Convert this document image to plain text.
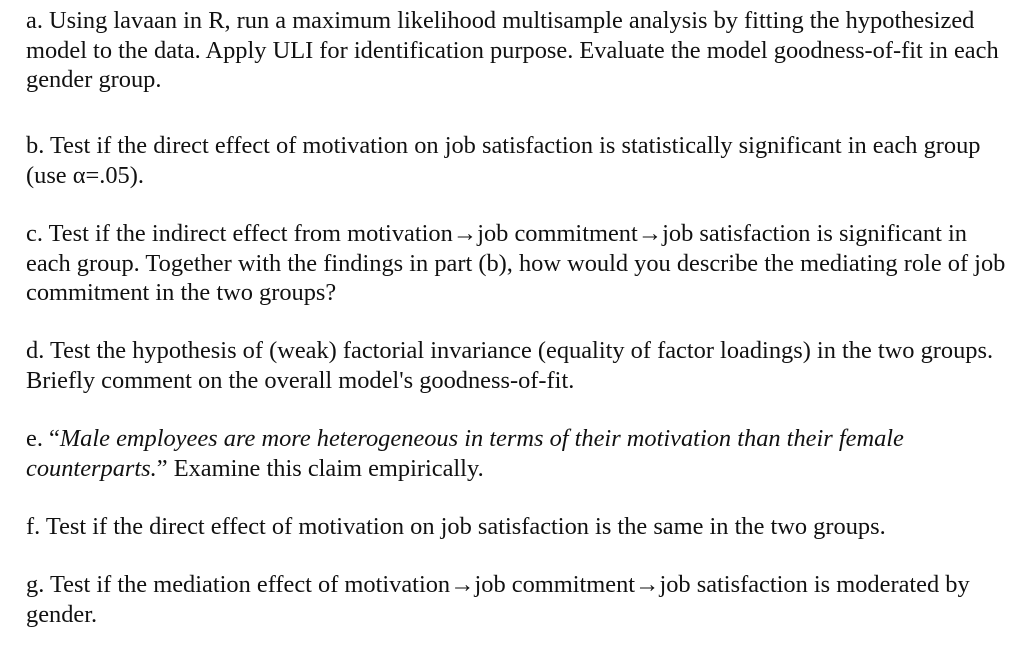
a. Using lavaan in R, run a maximum likelihood multisample analysis by fitting the hypothesized model to the data. Apply ULI for identification purpose. Evaluate the model goodness-of-fit in each gender group.

b. Test if the direct effect of motivation on job satisfaction is statistically significant in each group (use α=.05).

c. Test if the indirect effect from motivation→job commitment→job satisfaction is significant in each group. Together with the findings in part (b), how would you describe the mediating role of job commitment in the two groups?

d. Test the hypothesis of (weak) factorial invariance (equality of factor loadings) in the two groups. Briefly comment on the overall model's goodness-of-fit.

e. “Male employees are more heterogeneous in terms of their motivation than their female counterparts.” Examine this claim empirically.

f. Test if the direct effect of motivation on job satisfaction is the same in the two groups.

g. Test if the mediation effect of motivation→job commitment→job satisfaction is moderated by gender.
